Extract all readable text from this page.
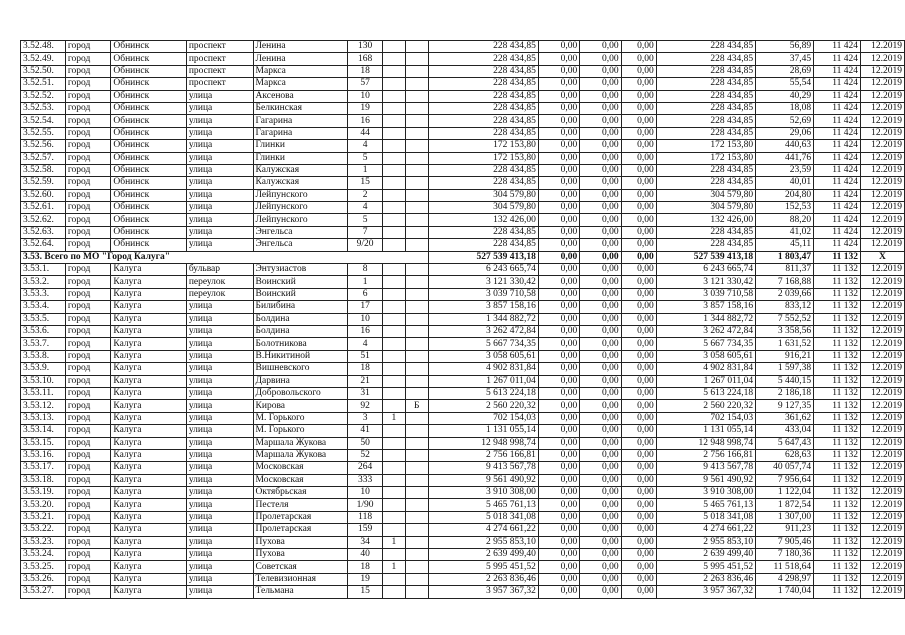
3.52.48.	город	Обнинск	проспект	Ленина	130			228 434,85	0,00	0,00	0,00	228 434,85	56,89	11 424	12.2019
3.52.49.	город	Обнинск	проспект	Ленина	168			228 434,85	0,00	0,00	0,00	228 434,85	37,45	11 424	12.2019
3.52.50.	город	Обнинск	проспект	Маркса	18			228 434,85	0,00	0,00	0,00	228 434,85	28,69	11 424	12.2019
3.52.51.	город	Обнинск	проспект	Маркса	57			228 434,85	0,00	0,00	0,00	228 434,85	55,54	11 424	12.2019
3.52.52.	город	Обнинск	улица	Аксенова	10			228 434,85	0,00	0,00	0,00	228 434,85	40,29	11 424	12.2019
3.52.53.	город	Обнинск	улица	Белкинская	19			228 434,85	0,00	0,00	0,00	228 434,85	18,08	11 424	12.2019
3.52.54.	город	Обнинск	улица	Гагарина	16			228 434,85	0,00	0,00	0,00	228 434,85	52,69	11 424	12.2019
3.52.55.	город	Обнинск	улица	Гагарина	44			228 434,85	0,00	0,00	0,00	228 434,85	29,06	11 424	12.2019
3.52.56.	город	Обнинск	улица	Глинки	4			172 153,80	0,00	0,00	0,00	172 153,80	440,63	11 424	12.2019
3.52.57.	город	Обнинск	улица	Глинки	5			172 153,80	0,00	0,00	0,00	172 153,80	441,76	11 424	12.2019
3.52.58.	город	Обнинск	улица	Калужская	1			228 434,85	0,00	0,00	0,00	228 434,85	23,59	11 424	12.2019
3.52.59.	город	Обнинск	улица	Калужская	15			228 434,85	0,00	0,00	0,00	228 434,85	40,01	11 424	12.2019
3.52.60.	город	Обнинск	улица	Лейпунского	2			304 579,80	0,00	0,00	0,00	304 579,80	204,80	11 424	12.2019
3.52.61.	город	Обнинск	улица	Лейпунского	4			304 579,80	0,00	0,00	0,00	304 579,80	152,53	11 424	12.2019
3.52.62.	город	Обнинск	улица	Лейпунского	5			132 426,00	0,00	0,00	0,00	132 426,00	88,20	11 424	12.2019
3.52.63.	город	Обнинск	улица	Энгельса	7			228 434,85	0,00	0,00	0,00	228 434,85	41,02	11 424	12.2019
3.52.64.	город	Обнинск	улица	Энгельса	9/20			228 434,85	0,00	0,00	0,00	228 434,85	45,11	11 424	12.2019
3.53. Всего по МО "Город Калуга"								527 539 413,18	0,00	0,00	0,00	527 539 413,18	1 803,47	11 132	X
3.53.1.	город	Калуга	бульвар	Энтузиастов	8			6 243 665,74	0,00	0,00	0,00	6 243 665,74	811,37	11 132	12.2019
3.53.2.	город	Калуга	переулок	Воинский	1			3 121 330,42	0,00	0,00	0,00	3 121 330,42	7 168,88	11 132	12.2019
3.53.3.	город	Калуга	переулок	Воинский	6			3 039 710,58	0,00	0,00	0,00	3 039 710,58	2 039,66	11 132	12.2019
3.53.4.	город	Калуга	улица	Билибина	17			3 857 158,16	0,00	0,00	0,00	3 857 158,16	833,12	11 132	12.2019
3.53.5.	город	Калуга	улица	Болдина	10			1 344 882,72	0,00	0,00	0,00	1 344 882,72	7 552,52	11 132	12.2019
3.53.6.	город	Калуга	улица	Болдина	16			3 262 472,84	0,00	0,00	0,00	3 262 472,84	3 358,56	11 132	12.2019
3.53.7.	город	Калуга	улица	Болотникова	4			5 667 734,35	0,00	0,00	0,00	5 667 734,35	1 631,52	11 132	12.2019
3.53.8.	город	Калуга	улица	В.Никитиной	51			3 058 605,61	0,00	0,00	0,00	3 058 605,61	916,21	11 132	12.2019
3.53.9.	город	Калуга	улица	Вишневского	18			4 902 831,84	0,00	0,00	0,00	4 902 831,84	1 597,38	11 132	12.2019
3.53.10.	город	Калуга	улица	Дарвина	21			1 267 011,04	0,00	0,00	0,00	1 267 011,04	5 440,15	11 132	12.2019
3.53.11.	город	Калуга	улица	Добровольского	31			5 613 224,18	0,00	0,00	0,00	5 613 224,18	2 186,18	11 132	12.2019
3.53.12.	город	Калуга	улица	Кирова	92		Б	2 560 220,32	0,00	0,00	0,00	2 560 220,32	9 127,35	11 132	12.2019
3.53.13.	город	Калуга	улица	М. Горького	3	1		702 154,03	0,00	0,00	0,00	702 154,03	361,62	11 132	12.2019
3.53.14.	город	Калуга	улица	М. Горького	41			1 131 055,14	0,00	0,00	0,00	1 131 055,14	433,04	11 132	12.2019
3.53.15.	город	Калуга	улица	Маршала Жукова	50			12 948 998,74	0,00	0,00	0,00	12 948 998,74	5 647,43	11 132	12.2019
3.53.16.	город	Калуга	улица	Маршала Жукова	52			2 756 166,81	0,00	0,00	0,00	2 756 166,81	628,63	11 132	12.2019
3.53.17.	город	Калуга	улица	Московская	264			9 413 567,78	0,00	0,00	0,00	9 413 567,78	40 057,74	11 132	12.2019
3.53.18.	город	Калуга	улица	Московская	333			9 561 490,92	0,00	0,00	0,00	9 561 490,92	7 956,64	11 132	12.2019
3.53.19.	город	Калуга	улица	Октябрьская	10			3 910 308,00	0,00	0,00	0,00	3 910 308,00	1 122,04	11 132	12.2019
3.53.20.	город	Калуга	улица	Пестеля	1/90			5 465 761,13	0,00	0,00	0,00	5 465 761,13	1 872,54	11 132	12.2019
3.53.21.	город	Калуга	улица	Пролетарская	118			5 018 341,08	0,00	0,00	0,00	5 018 341,08	1 307,00	11 132	12.2019
3.53.22.	город	Калуга	улица	Пролетарская	159			4 274 661,22	0,00	0,00	0,00	4 274 661,22	911,23	11 132	12.2019
3.53.23.	город	Калуга	улица	Пухова	34	1		2 955 853,10	0,00	0,00	0,00	2 955 853,10	7 905,46	11 132	12.2019
3.53.24.	город	Калуга	улица	Пухова	40			2 639 499,40	0,00	0,00	0,00	2 639 499,40	7 180,36	11 132	12.2019
3.53.25.	город	Калуга	улица	Советская	18	1		5 995 451,52	0,00	0,00	0,00	5 995 451,52	11 518,64	11 132	12.2019
3.53.26.	город	Калуга	улица	Телевизионная	19			2 263 836,46	0,00	0,00	0,00	2 263 836,46	4 298,97	11 132	12.2019
3.53.27.	город	Калуга	улица	Тельмана	15			3 957 367,32	0,00	0,00	0,00	3 957 367,32	1 740,04	11 132	12.2019
